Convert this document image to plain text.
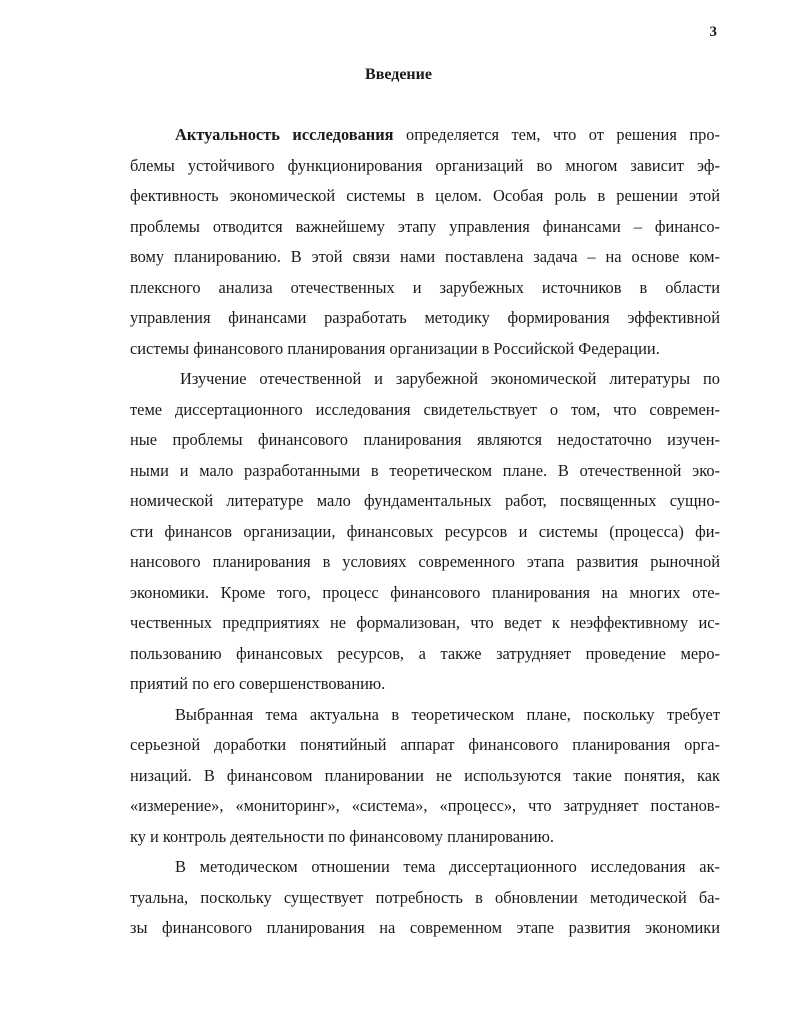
3
Введение
Актуальность исследования определяется тем, что от решения про-
блемы устойчивого функционирования организаций во многом зависит эф-
фективность экономической системы в целом. Особая роль в решении этой
проблемы отводится важнейшему этапу управления финансами – финансо-
вому планированию. В этой связи нами поставлена задача – на основе ком-
плексного анализа отечественных и зарубежных источников в области
управления финансами разработать методику формирования эффективной
системы финансового планирования организации в Российской Федерации.
Изучение отечественной и зарубежной экономической литературы по
теме диссертационного исследования свидетельствует о том, что современ-
ные проблемы финансового планирования являются недостаточно изучен-
ными и мало разработанными в теоретическом плане. В отечественной эко-
номической литературе мало фундаментальных работ, посвященных сущно-
сти финансов организации, финансовых ресурсов и системы (процесса) фи-
нансового планирования в условиях современного этапа развития рыночной
экономики. Кроме того, процесс финансового планирования на многих оте-
чественных предприятиях не формализован, что ведет к неэффективному ис-
пользованию финансовых ресурсов, а также затрудняет проведение меро-
приятий по его совершенствованию.
Выбранная тема актуальна в теоретическом плане, поскольку требует
серьезной доработки понятийный аппарат финансового планирования орга-
низаций. В финансовом планировании не используются такие понятия, как
«измерение», «мониторинг», «система», «процесс», что затрудняет постанов-
ку и контроль деятельности по финансовому планированию.
В методическом отношении тема диссертационного исследования ак-
туальна, поскольку существует потребность в обновлении методической ба-
зы финансового планирования на современном этапе развития экономики
